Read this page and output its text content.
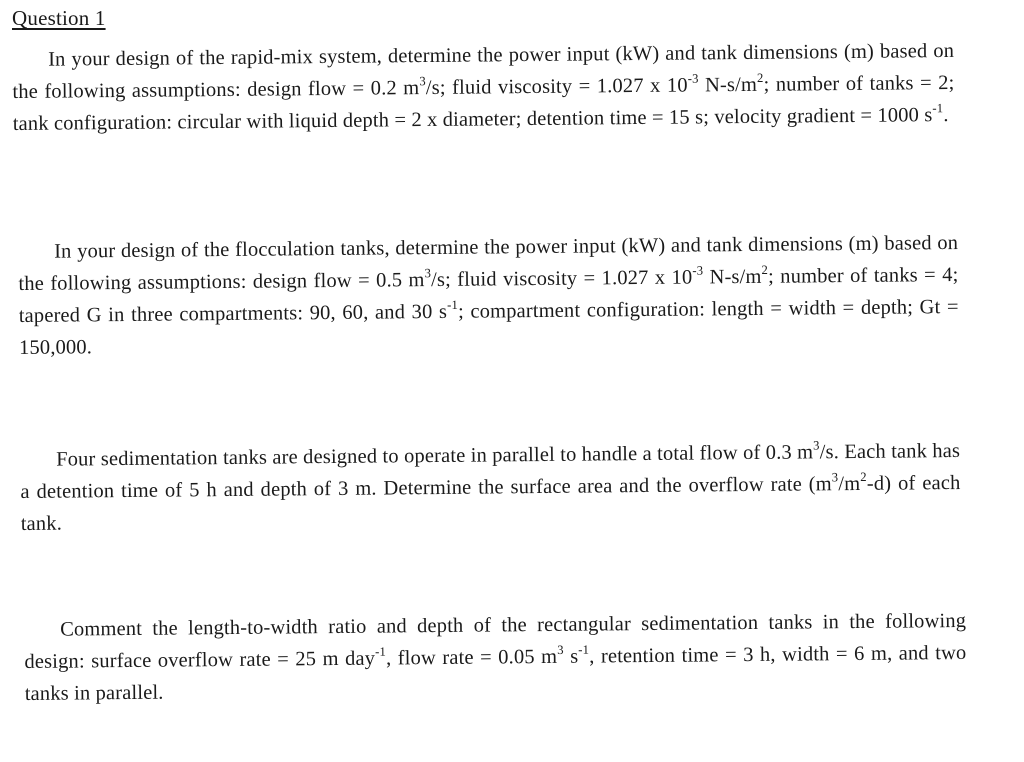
Question 1
In your design of the rapid-mix system, determine the power input (kW) and tank dimensions (m) based on the following assumptions: design flow = 0.2 $m^3/s$; fluid viscosity = 1.027 x $10^{-3}$ $N-s/m^2$; number of tanks = 2; tank configuration: circular with liquid depth = 2 x diameter; detention time = 15 s; velocity gradient = 1000 $s^{-1}$.
In your design of the flocculation tanks, determine the power input (kW) and tank dimensions (m) based on the following assumptions: design flow = 0.5 $m^3/s$; fluid viscosity = 1.027 x $10^{-3}$ $N-s/m^2$; number of tanks = 4; tapered G in three compartments: 90, 60, and 30 $s^{-1}$; compartment configuration: length = width = depth; Gt = 150,000.
Four sedimentation tanks are designed to operate in parallel to handle a total flow of 0.3 $m^3/s$. Each tank has a detention time of 5 h and depth of 3 m. Determine the surface area and the overflow rate $(m^3/m^2-d)$ of each tank.
Comment the length-to-width ratio and depth of the rectangular sedimentation tanks in the following design: surface overflow rate = 25 m day$^{-1}$, flow rate = 0.05 $m^3$ $s^{-1}$, retention time = 3 h, width = 6 m, and two tanks in parallel.
